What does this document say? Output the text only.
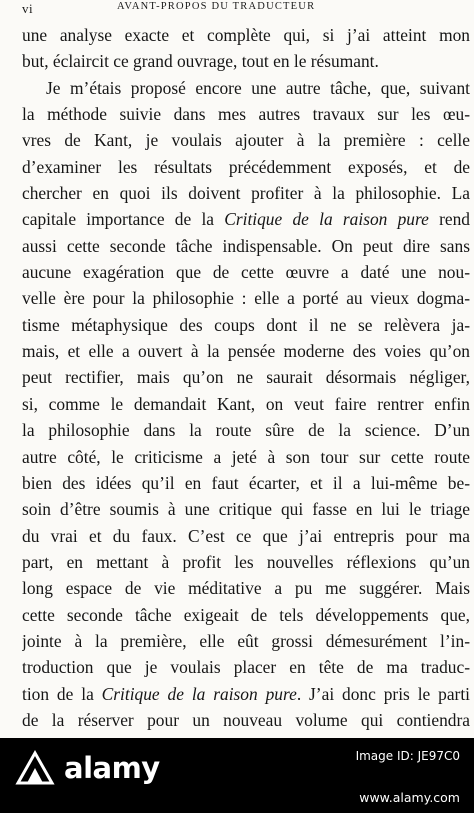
vi	AVANT-PROPOS DU TRADUCTEUR
une analyse exacte et complète qui, si j’ai atteint mon
but, éclaircit ce grand ouvrage, tout en le résumant.
Je m’étais proposé encore une autre tâche, que, suivant
la méthode suivie dans mes autres travaux sur les œu-
vres de Kant, je voulais ajouter à la première : celle
d’examiner les résultats précédemment exposés, et de
chercher en quoi ils doivent profiter à la philosophie. La
capitale importance de la Critique de la raison pure rend
aussi cette seconde tâche indispensable. On peut dire sans
aucune exagération que de cette œuvre a daté une nou-
velle ère pour la philosophie : elle a porté au vieux dogma-
tisme métaphysique des coups dont il ne se relèvera ja-
mais, et elle a ouvert à la pensée moderne des voies qu’on
peut rectifier, mais qu’on ne saurait désormais négliger,
si, comme le demandait Kant, on veut faire rentrer enfin
la philosophie dans la route sûre de la science. D’un
autre côté, le criticisme a jeté à son tour sur cette route
bien des idées qu’il en faut écarter, et il a lui-même be-
soin d’être soumis à une critique qui fasse en lui le triage
du vrai et du faux. C’est ce que j’ai entrepris pour ma
part, en mettant à profit les nouvelles réflexions qu’un
long espace de vie méditative a pu me suggérer. Mais
cette seconde tâche exigeait de tels développements que,
jointe à la première, elle eût grossi démesurément l’in-
troduction que je voulais placer en tête de ma traduc-
tion de la Critique de la raison pure. J’ai donc pris le parti
de la réserver pour un nouveau volume qui contiendra
alamy	Image ID: JE97C0
www.alamy.com
